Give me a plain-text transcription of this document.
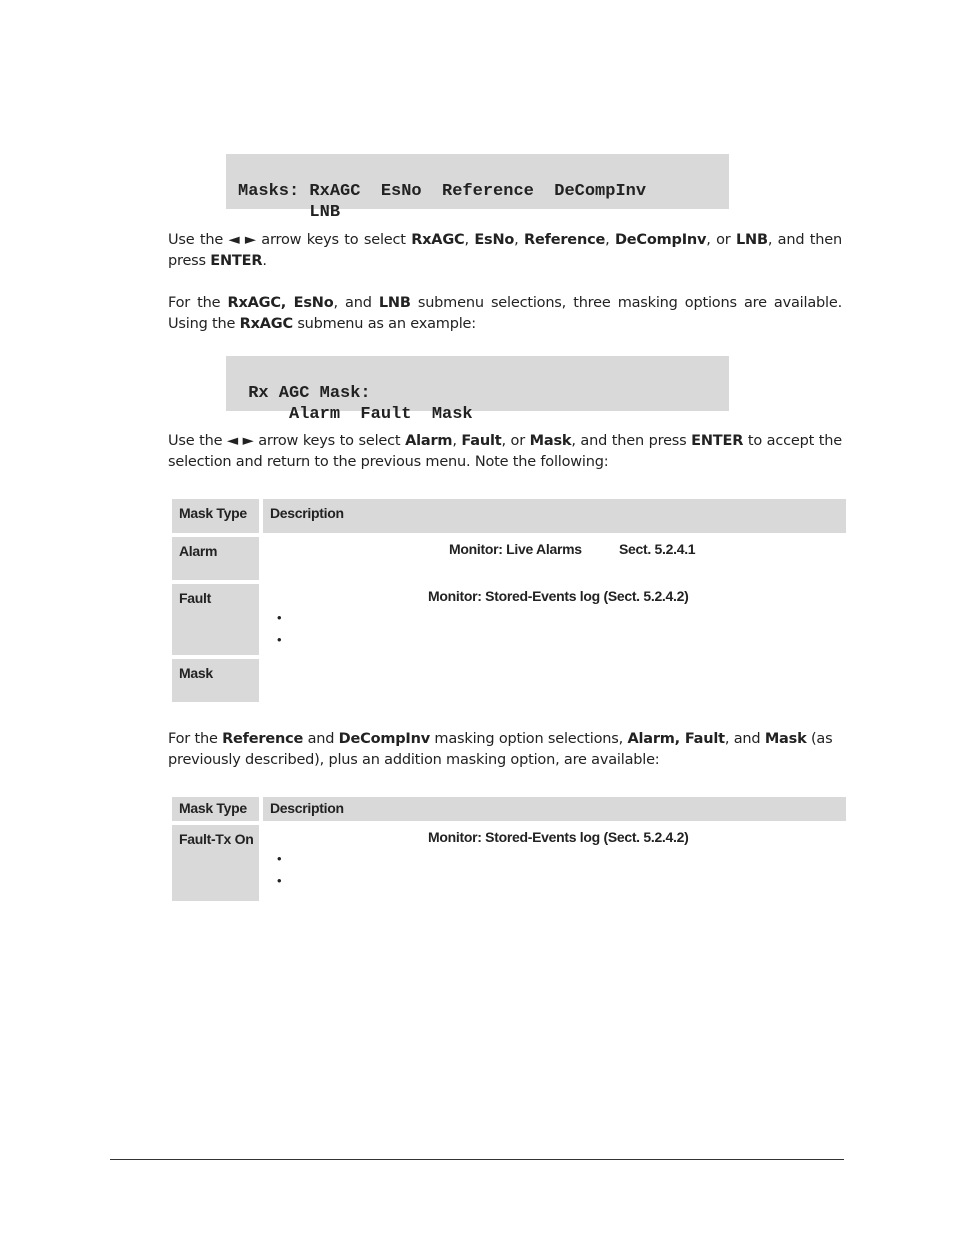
Masks: RxAGC  EsNo  Reference  DeCompInv
LNB

Use the ◄ ► arrow keys to select RxAGC, EsNo, Reference, DeCompInv, or LNB, and then press ENTER.
For the RxAGC, EsNo, and LNB submenu selections, three masking options are available. Using the RxAGC submenu as an example:

Rx AGC Mask:
Alarm  Fault  Mask

Use the ◄ ► arrow keys to select Alarm, Fault, or Mask, and then press ENTER to accept the selection and return to the previous menu. Note the following:
Mask Type	Description
Alarm	Monitor: Live Alarms	Sect. 5.2.4.1
Fault	Monitor: Stored-Events log (Sect. 5.2.4.2)
•
•
Mask
For the Reference and DeCompInv masking option selections, Alarm, Fault, and Mask (as previously described), plus an addition masking option, are available:
Mask Type	Description
Fault-Tx On	Monitor: Stored-Events log (Sect. 5.2.4.2)
•
•
